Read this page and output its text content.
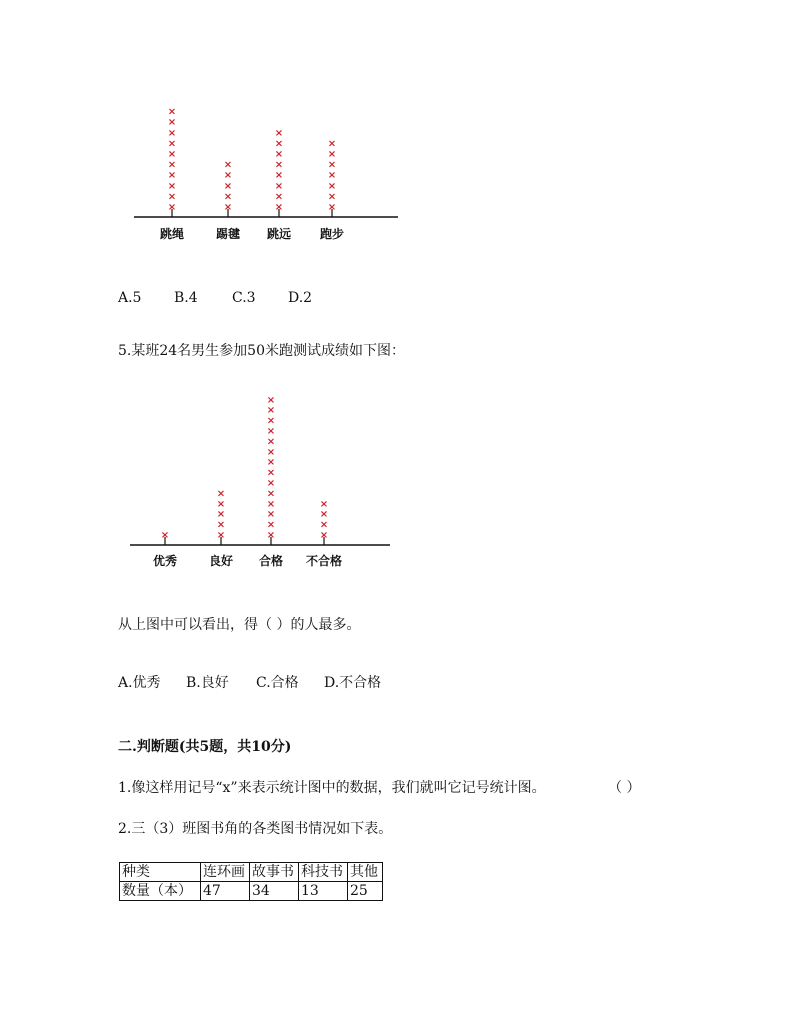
×
×
×
×
×
×
×
×
×
×
跳绳
×
×
×
×
×
踢毽
×
×
×
×
×
×
×
×
跳远
×
×
×
×
×
×
×
跑步
A.5 B.4 C.3 D.2
5.某班24名男生参加50米跑测试成绩如下图：
×
优秀
×
×
×
×
×
良好
×
×
×
×
×
×
×
×
×
×
×
×
×
×
合格
×
×
×
×
不合格
从上图中可以看出，得（ ）的人最多。
A.优秀 B.良好 C.合格 D.不合格
二.判断题(共5题，共10分)
1.像这样用记号“x”来表示统计图中的数据，我们就叫它记号统计图。	（ ）
2.三（3）班图书角的各类图书情况如下表。
种类	连环画	故事书	科技书	其他
数量（本）	47	34	13	25
